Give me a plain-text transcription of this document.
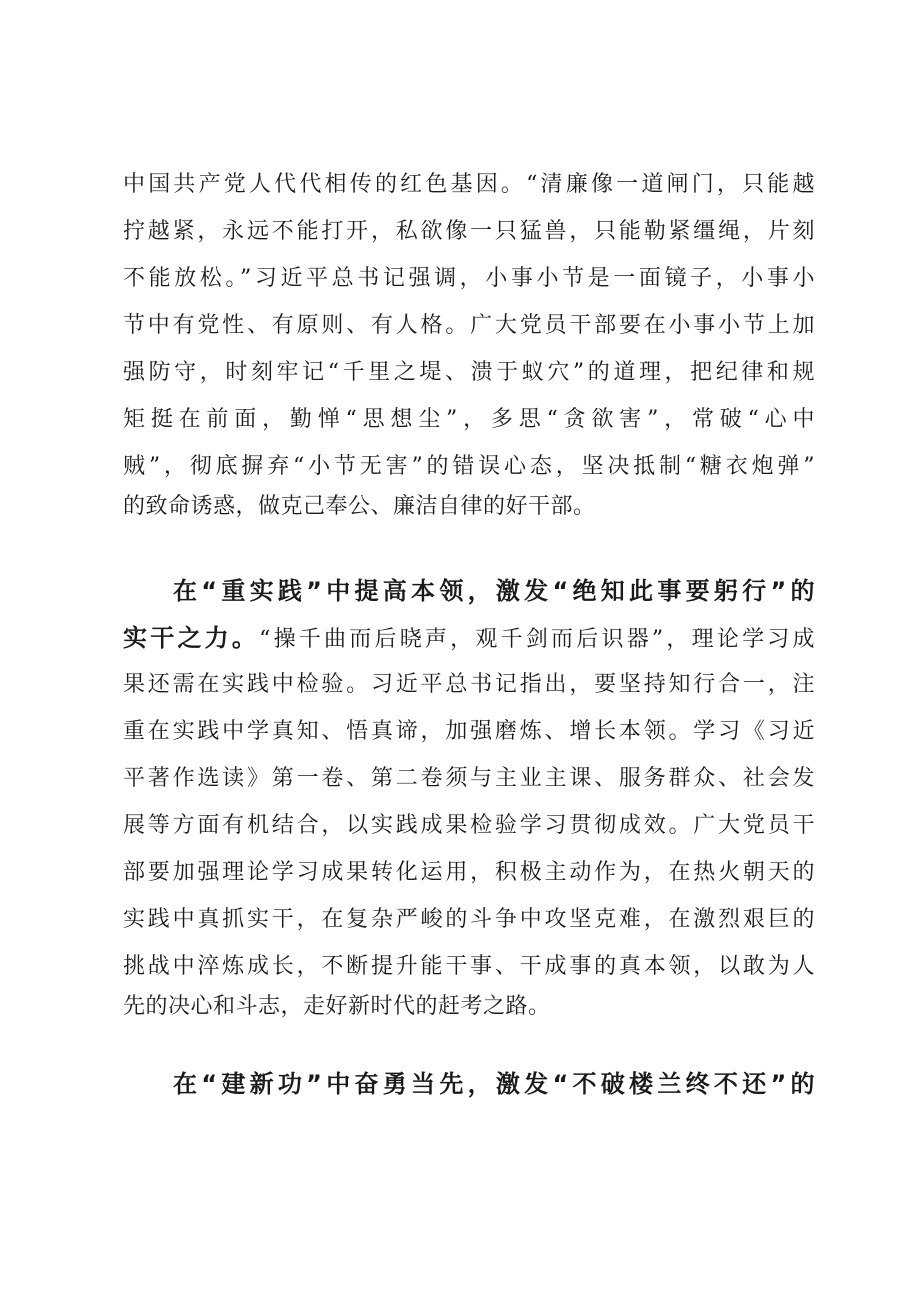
中国共产党人代代相传的红色基因。“清廉像一道闸门，只能越
拧越紧，永远不能打开，私欲像一只猛兽，只能勒紧缰绳，片刻
不能放松。”习近平总书记强调，小事小节是一面镜子，小事小
节中有党性、有原则、有人格。广大党员干部要在小事小节上加
强防守，时刻牢记“千里之堤、溃于蚁穴”的道理，把纪律和规
矩挺在前面，勤惮“思想尘”，多思“贪欲害”，常破“心中
贼”，彻底摒弃“小节无害”的错误心态，坚决抵制“糖衣炮弹”
的致命诱惑，做克己奉公、廉洁自律的好干部。
在“重实践”中提高本领，激发“绝知此事要躬行”的
实干之力。“操千曲而后晓声，观千剑而后识器”，理论学习成
果还需在实践中检验。习近平总书记指出，要坚持知行合一，注
重在实践中学真知、悟真谛，加强磨炼、增长本领。学习《习近
平著作选读》第一卷、第二卷须与主业主课、服务群众、社会发
展等方面有机结合，以实践成果检验学习贯彻成效。广大党员干
部要加强理论学习成果转化运用，积极主动作为，在热火朝天的
实践中真抓实干，在复杂严峻的斗争中攻坚克难，在激烈艰巨的
挑战中淬炼成长，不断提升能干事、干成事的真本领，以敢为人
先的决心和斗志，走好新时代的赶考之路。
在“建新功”中奋勇当先，激发“不破楼兰终不还”的
